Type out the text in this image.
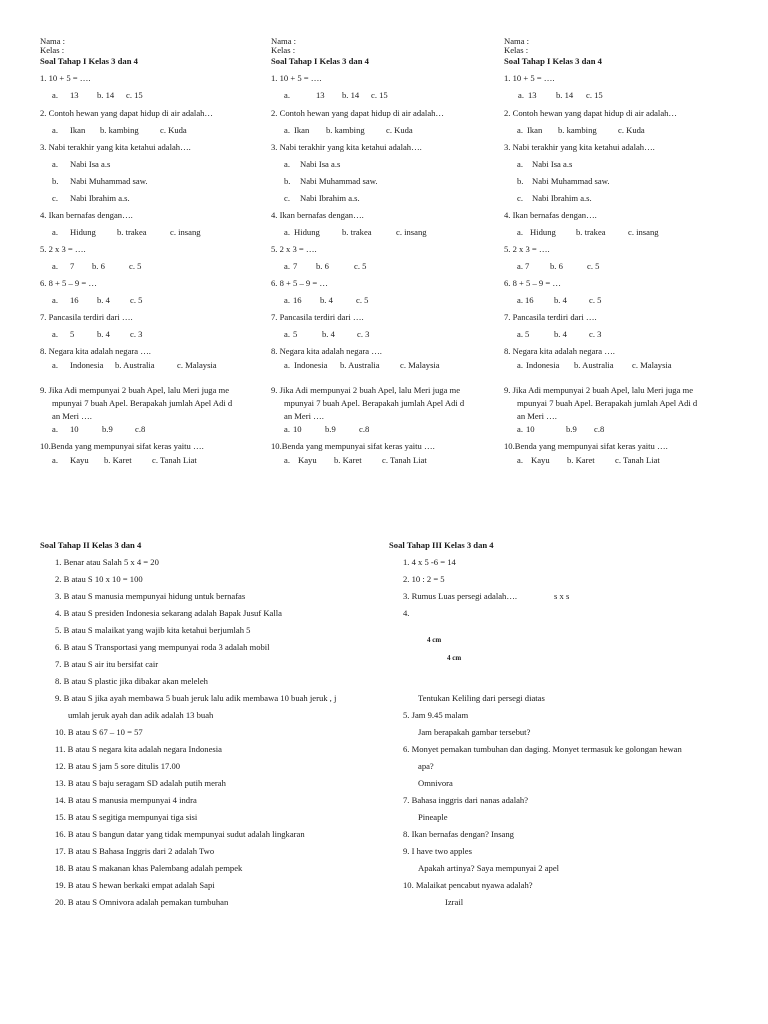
Nama :
Kelas :
Soal Tahap I Kelas 3 dan 4
1. 10 + 5 = ….
a. 13 b. 14 c. 15
2. Contoh hewan yang dapat hidup di air adalah…
a. Ikan b. kambing c. Kuda
3. Nabi terakhir yang kita ketahui adalah….
a. Nabi Isa a.s
b. Nabi Muhammad saw.
c. Nabi Ibrahim a.s.
4. Ikan bernafas dengan….
a. Hidung b. trakea	c. insang
5. 2 x 3 = ….
a. 7 b. 6	c. 5
6. 8 + 5 – 9 = …
a. 16 b. 4 c. 5
7. Pancasila terdiri dari ….
a. 5	b. 4 c. 3
8. Negara kita adalah negara ….
a. Indonesia b. Australia	c. Malaysia
9. Jika Adi mempunyai 2 buah Apel, lalu Meri juga me
mpunyai 7 buah Apel. Berapakah jumlah Apel Adi d
an Meri ….
a. 10	b.9	c.8
10.Benda yang mempunyai sifat keras yaitu ….
a. Kayu b. Karet c. Tanah Liat
Nama :
Kelas :
Soal Tahap I Kelas 3 dan 4
1. 10 + 5 = ….
a.	13 b. 14 c. 15
2. Contoh hewan yang dapat hidup di air adalah…
a. Ikan b. kambing c. Kuda
3. Nabi terakhir yang kita ketahui adalah….
a. Nabi Isa a.s
b. Nabi Muhammad saw.
c. Nabi Ibrahim a.s.
4. Ikan bernafas dengan….
a. Hidung	b. trakea	c. insang
5. 2 x 3 = ….
a. 7 b. 6	c. 5
6. 8 + 5 – 9 = …
a. 16 b. 4	c. 5
7. Pancasila terdiri dari ….
a. 5	b. 4	c. 3
8. Negara kita adalah negara ….
a. Indonesia b. Australia c. Malaysia
9. Jika Adi mempunyai 2 buah Apel, lalu Meri juga me
mpunyai 7 buah Apel. Berapakah jumlah Apel Adi d
an Meri ….
a. 10	b.9	c.8
10.Benda yang mempunyai sifat keras yaitu ….
a. Kayu b. Karet c. Tanah Liat
Nama :
Kelas :
Soal Tahap I Kelas 3 dan 4
1. 10 + 5 = ….
a. 13 b. 14 c. 15
2. Contoh hewan yang dapat hidup di air adalah…
a. Ikan b. kambing c. Kuda
3. Nabi terakhir yang kita ketahui adalah….
a. Nabi Isa a.s
b. Nabi Muhammad saw.
c. Nabi Ibrahim a.s.
4. Ikan bernafas dengan….
a. Hidung b. trakea	c. insang
5. 2 x 3 = ….
a. 7 b. 6	c. 5
6. 8 + 5 – 9 = …
a. 16 b. 4	c. 5
7. Pancasila terdiri dari ….
a. 5	b. 4	c. 3
8. Negara kita adalah negara ….
a. Indonesia b. Australia c. Malaysia
9. Jika Adi mempunyai 2 buah Apel, lalu Meri juga me
mpunyai 7 buah Apel. Berapakah jumlah Apel Adi d
an Meri ….
a. 10	b.9 c.8
10.Benda yang mempunyai sifat keras yaitu ….
a. Kayu b. Karet c. Tanah Liat
Soal Tahap II Kelas 3 dan 4
1. Benar atau Salah 5 x 4 = 20
2. B atau S 10 x 10 = 100
3. B atau S manusia mempunyai hidung untuk bernafas
4. B atau S presiden Indonesia sekarang adalah Bapak Jusuf Kalla
5. B atau S malaikat yang wajib kita ketahui berjumlah 5
6. B atau S Transportasi yang mempunyai roda 3 adalah mobil
7. B atau S air itu bersifat cair
8. B atau S plastic jika dibakar akan meleleh
9. B atau S jika ayah membawa 5 buah jeruk lalu adik membawa 10 buah jeruk , j
umlah jeruk ayah dan adik adalah 13 buah
10. B atau S 67 – 10 = 57
11. B atau S negara kita adalah negara Indonesia
12. B atau S jam 5 sore ditulis 17.00
13. B atau S baju seragam SD adalah putih merah
14. B atau S manusia mempunyai 4 indra
15. B atau S segitiga mempunyai tiga sisi
16. B atau S bangun datar yang tidak mempunyai sudut adalah lingkaran
17. B atau S Bahasa Inggris dari 2 adalah Two
18. B atau S makanan khas Palembang adalah pempek
19. B atau S hewan berkaki empat adalah Sapi
20. B atau S Omnivora adalah pemakan tumbuhan
Soal Tahap III Kelas 3 dan 4
1. 4 x 5 -6 = 14
2. 10 : 2 = 5
3. Rumus Luas persegi adalah….	s x s
4.
4 cm
4 cm
Tentukan Keliling dari persegi diatas
5. Jam 9.45 malam
Jam berapakah gambar tersebut?
6. Monyet pemakan tumbuhan dan daging. Monyet termasuk ke golongan hewan
apa?
Omnivora
7. Bahasa inggris dari nanas adalah?
Pineaple
8. Ikan bernafas dengan? Insang
9. I have two apples
Apakah artinya? Saya mempunyai 2 apel
10. Malaikat pencabut nyawa adalah?
Izrail
